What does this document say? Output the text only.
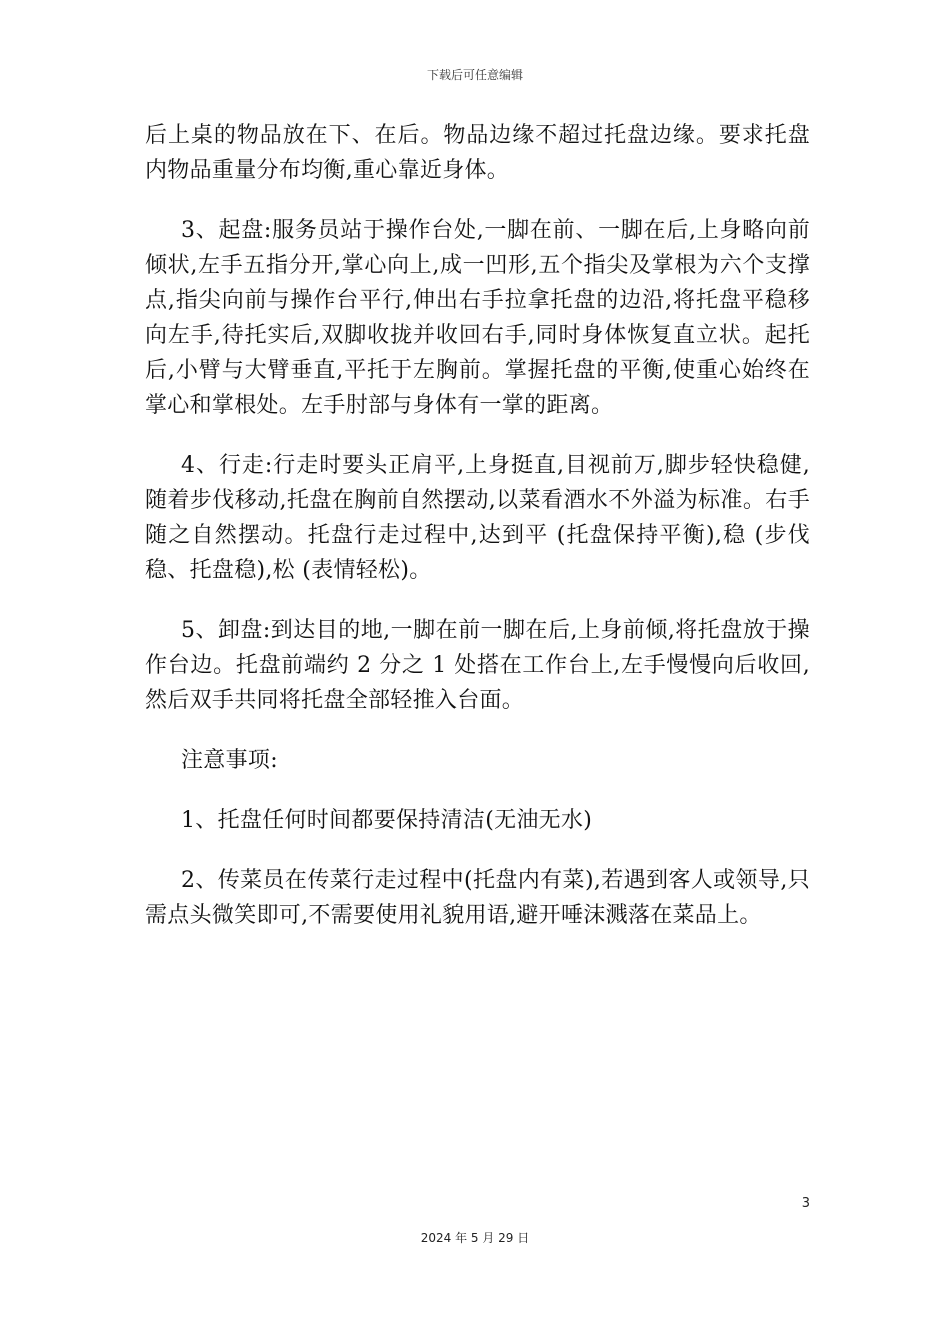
下载后可任意编辑

后上桌的物品放在下、在后。物品边缘不超过托盘边缘。要求托盘内物品重量分布均衡,重心靠近身体。

3、起盘:服务员站于操作台处,一脚在前、一脚在后,上身略向前倾状,左手五指分开,掌心向上,成一凹形,五个指尖及掌根为六个支撑点,指尖向前与操作台平行,伸出右手拉拿托盘的边沿,将托盘平稳移向左手,待托实后,双脚收拢并收回右手,同时身体恢复直立状。起托后,小臂与大臂垂直,平托于左胸前。掌握托盘的平衡,使重心始终在掌心和掌根处。左手肘部与身体有一掌的距离。

4、行走:行走时要头正肩平,上身挺直,目视前万,脚步轻快稳健,随着步伐移动,托盘在胸前自然摆动,以菜看酒水不外溢为标准。右手随之自然摆动。托盘行走过程中,达到平 (托盘保持平衡),稳 (步伐稳、托盘稳),松 (表情轻松)。

5、卸盘:到达目的地,一脚在前一脚在后,上身前倾,将托盘放于操作台边。托盘前端约 2 分之 1 处搭在工作台上,左手慢慢向后收回,然后双手共同将托盘全部轻推入台面。

注意事项:

1、托盘任何时间都要保持清洁(无油无水)

2、传菜员在传菜行走过程中(托盘内有菜),若遇到客人或领导,只需点头微笑即可,不需要使用礼貌用语,避开唾沫溅落在菜品上。

3
2024 年 5 月 29 日
